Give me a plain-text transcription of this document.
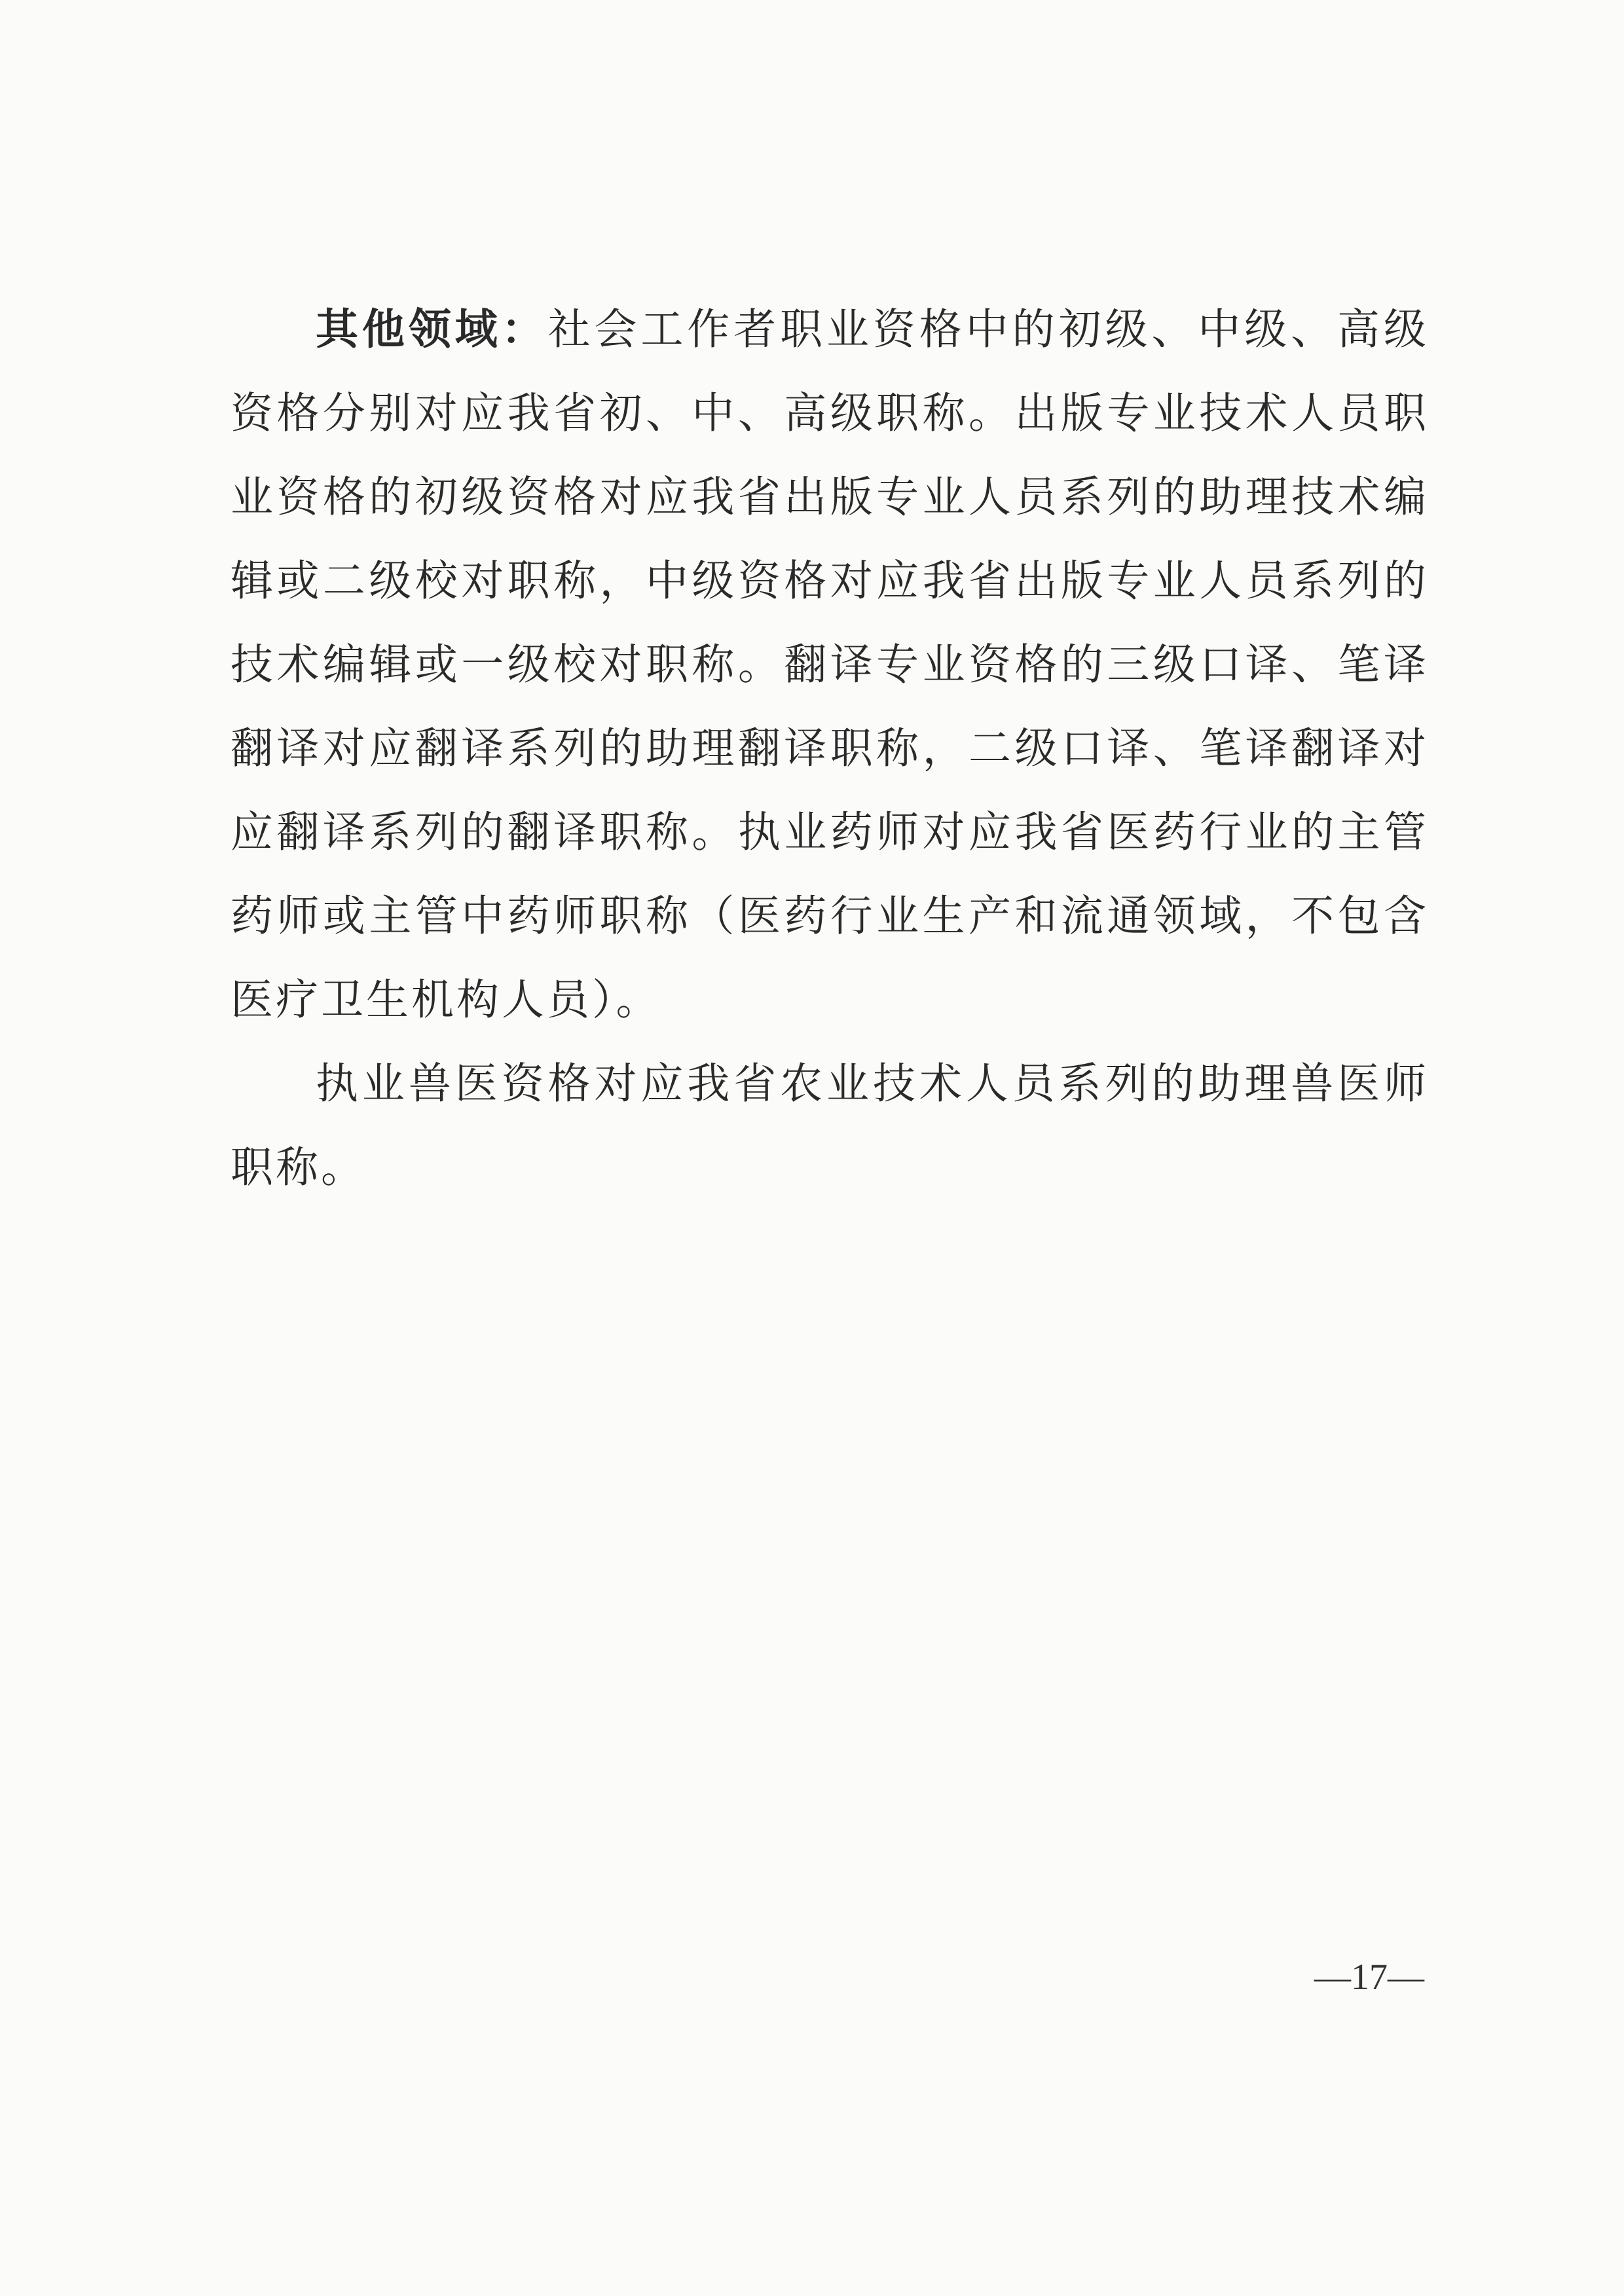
其他领域：社会工作者职业资格中的初级、中级、高级资格分别对应我省初、中、高级职称。出版专业技术人员职业资格的初级资格对应我省出版专业人员系列的助理技术编辑或二级校对职称，中级资格对应我省出版专业人员系列的技术编辑或一级校对职称。翻译专业资格的三级口译、笔译翻译对应翻译系列的助理翻译职称，二级口译、笔译翻译对应翻译系列的翻译职称。执业药师对应我省医药行业的主管药师或主管中药师职称（医药行业生产和流通领域，不包含医疗卫生机构人员）。

执业兽医资格对应我省农业技术人员系列的助理兽医师职称。

—17—
